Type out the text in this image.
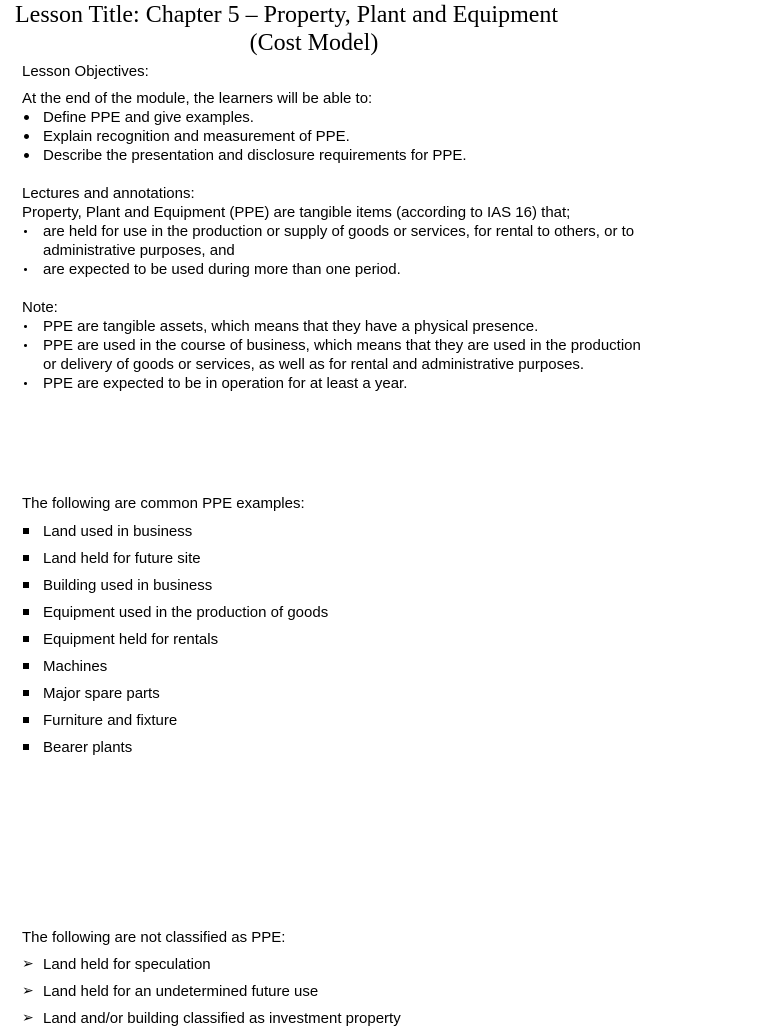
Lesson Title: Chapter 5 – Property, Plant and Equipment
(Cost Model)
Lesson Objectives:
At the end of the module, the learners will be able to:
Define PPE and give examples.
Explain recognition and measurement of PPE.
Describe the presentation and disclosure requirements for PPE.
Lectures and annotations:
Property, Plant and Equipment (PPE) are tangible items (according to IAS 16) that;
are held for use in the production or supply of goods or services, for rental to others, or to administrative purposes, and
are expected to be used during more than one period.
Note:
PPE are tangible assets, which means that they have a physical presence.
PPE are used in the course of business, which means that they are used in the production or delivery of goods or services, as well as for rental and administrative purposes.
PPE are expected to be in operation for at least a year.
The following are common PPE examples:
Land used in business
Land held for future site
Building used in business
Equipment used in the production of goods
Equipment held for rentals
Machines
Major spare parts
Furniture and fixture
Bearer plants
The following are not classified as PPE:
➢ Land held for speculation
➢ Land held for an undetermined future use
➢ Land and/or building classified as investment property
